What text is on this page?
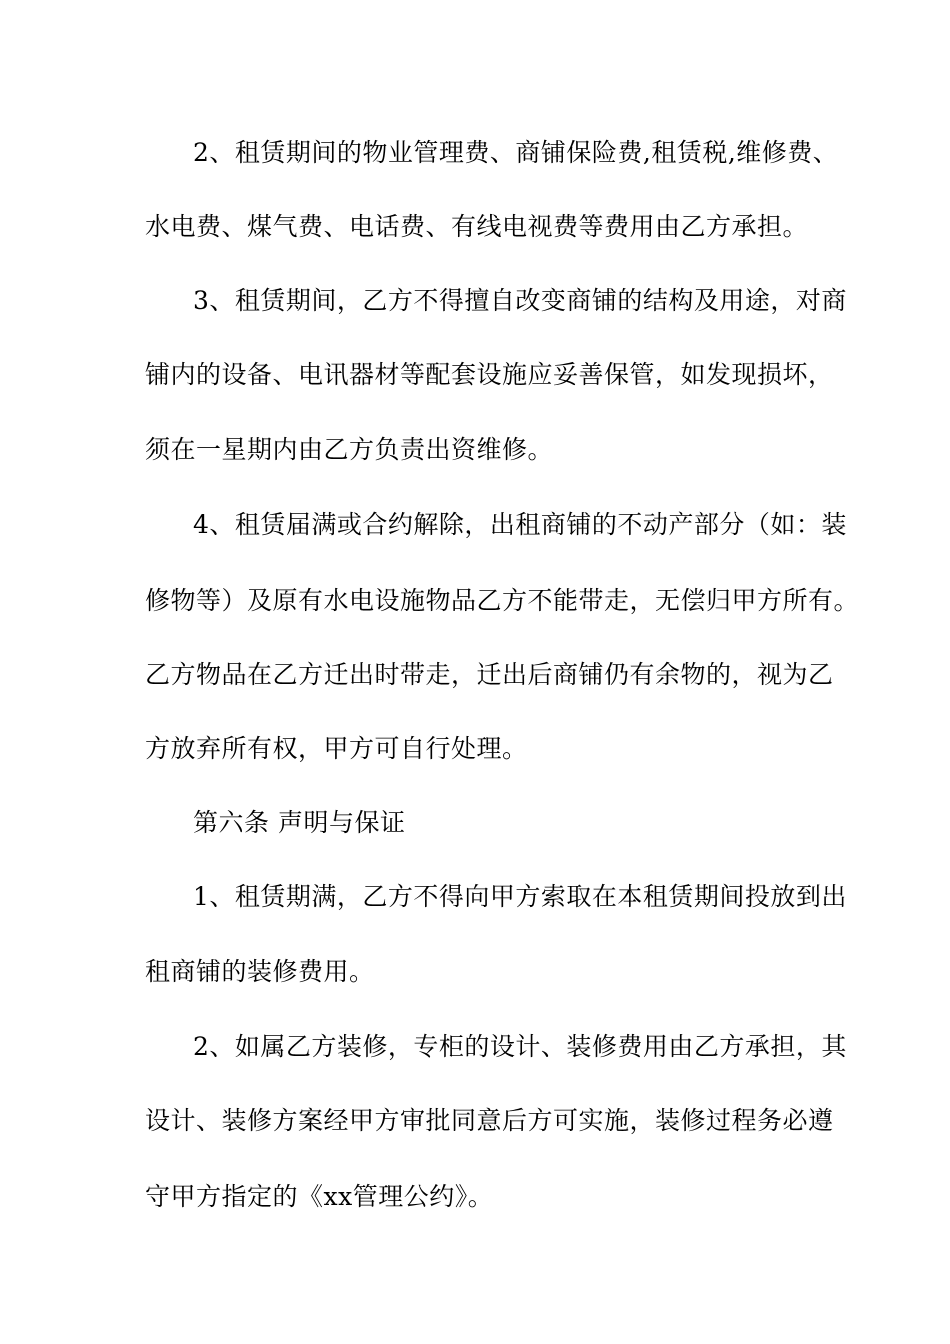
2、租赁期间的物业管理费、商铺保险费,租赁税,维修费、
水电费、煤气费、电话费、有线电视费等费用由乙方承担。
3、租赁期间，乙方不得擅自改变商铺的结构及用途，对商
铺内的设备、电讯器材等配套设施应妥善保管，如发现损坏，
须在一星期内由乙方负责出资维修。
4、租赁届满或合约解除，出租商铺的不动产部分（如：装
修物等）及原有水电设施物品乙方不能带走，无偿归甲方所有。
乙方物品在乙方迁出时带走，迁出后商铺仍有余物的，视为乙
方放弃所有权，甲方可自行处理。
第六条 声明与保证
1、租赁期满，乙方不得向甲方索取在本租赁期间投放到出
租商铺的装修费用。
2、如属乙方装修，专柜的设计、装修费用由乙方承担，其
设计、装修方案经甲方审批同意后方可实施，装修过程务必遵
守甲方指定的《xx管理公约》。
